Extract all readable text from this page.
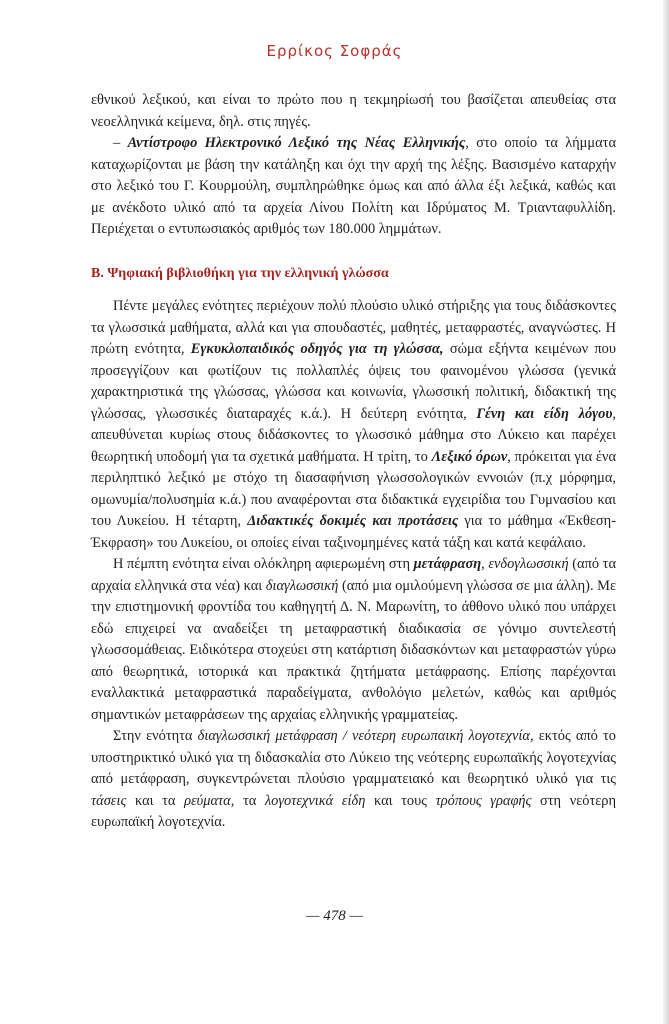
Ερρίκος Σοφράς

εθνικού λεξικού, και είναι το πρώτο που η τεκμηρίωσή του βασίζεται απευθείας στα νεοελληνικά κείμενα, δηλ. στις πηγές.

– Αντίστροφο Ηλεκτρονικό Λεξικό της Νέας Ελληνικής, στο οποίο τα λήμματα καταχωρίζονται με βάση την κατάληξη και όχι την αρχή της λέξης. Βασισμένο καταρχήν στο λεξικό του Γ. Κουρμούλη, συμπληρώθηκε όμως και από άλλα έξι λεξικά, καθώς και με ανέκδοτο υλικό από τα αρχεία Λίνου Πολίτη και Ιδρύματος Μ. Τριανταφυλλίδη. Περιέχεται ο εντυπωσιακός αριθμός των 180.000 λημμάτων.

Β. Ψηφιακή βιβλιοθήκη για την ελληνική γλώσσα

Πέντε μεγάλες ενότητες περιέχουν πολύ πλούσιο υλικό στήριξης για τους διδάσκοντες τα γλωσσικά μαθήματα, αλλά και για σπουδαστές, μαθητές, μεταφραστές, αναγνώστες. Η πρώτη ενότητα, Εγκυκλοπαιδικός οδηγός για τη γλώσσα, σώμα εξήντα κειμένων που προσεγγίζουν και φωτίζουν τις πολλαπλές όψεις του φαινομένου γλώσσα (γενικά χαρακτηριστικά της γλώσσας, γλώσσα και κοινωνία, γλωσσική πολιτική, διδακτική της γλώσσας, γλωσσικές διαταραχές κ.ά.). Η δεύτερη ενότητα, Γένη και είδη λόγου, απευθύνεται κυρίως στους διδάσκοντες το γλωσσικό μάθημα στο Λύκειο και παρέχει θεωρητική υποδομή για τα σχετικά μαθήματα. Η τρίτη, το Λεξικό όρων, πρόκειται για ένα περιληπτικό λεξικό με στόχο τη διασαφήνιση γλωσσολογικών εννοιών (π.χ μόρφημα, ομωνυμία/πολυσημία κ.ά.) που αναφέρονται στα διδακτικά εγχειρίδια του Γυμνασίου και του Λυκείου. Η τέταρτη, Διδακτικές δοκιμές και προτάσεις για το μάθημα «Έκθεση-Έκφραση» του Λυκείου, οι οποίες είναι ταξινομημένες κατά τάξη και κατά κεφάλαιο.

Η πέμπτη ενότητα είναι ολόκληρη αφιερωμένη στη μετάφραση, ενδογλωσσική (από τα αρχαία ελληνικά στα νέα) και διαγλωσσική (από μια ομιλούμενη γλώσσα σε μια άλλη). Με την επιστημονική φροντίδα του καθηγητή Δ. Ν. Μαρωνίτη, το άθθονο υλικό που υπάρχει εδώ επιχειρεί να αναδείξει τη μεταφραστική διαδικασία σε γόνιμο συντελεστή γλωσσομάθειας. Ειδικότερα στοχεύει στη κατάρτιση διδασκόντων και μεταφραστών γύρω από θεωρητικά, ιστορικά και πρακτικά ζητήματα μετάφρασης. Επίσης παρέχονται εναλλακτικά μεταφραστικά παραδείγματα, ανθολόγιο μελετών, καθώς και αριθμός σημαντικών μεταφράσεων της αρχαίας ελληνικής γραμματείας.

Στην ενότητα διαγλωσσική μετάφραση / νεότερη ευρωπαική λογοτεχνία, εκτός από το υποστηρικτικό υλικό για τη διδασκαλία στο Λύκειο της νεότερης ευρωπαϊκής λογοτεχνίας από μετάφραση, συγκεντρώνεται πλούσιο γραμματειακό και θεωρητικό υλικό για τις τάσεις και τα ρεύματα, τα λογοτεχνικά είδη και τους τρόπους γραφής στη νεότερη ευρωπαϊκή λογοτεχνία.

— 478 —
